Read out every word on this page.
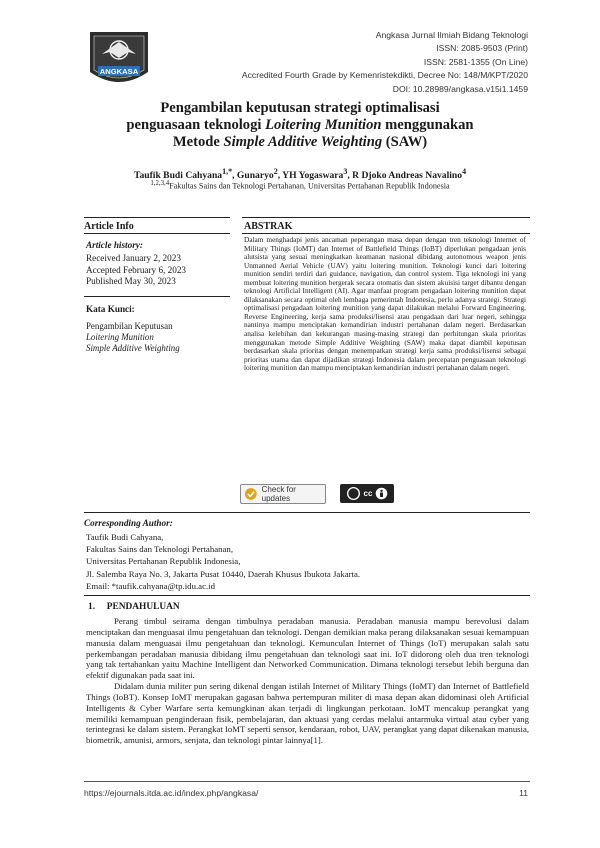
ANGKASA
Angkasa Jurnal Ilmiah Bidang Teknologi
ISSN: 2085-9503 (Print)
ISSN: 2581-1355 (On Line)
Accredited Fourth Grade by Kemenristekdikti, Decree No: 148/M/KPT/2020
DOI: 10.28989/angkasa.v15i1.1459
Pengambilan keputusan strategi optimalisasi
penguasaan teknologi Loitering Munition menggunakan
Metode Simple Additive Weighting (SAW)
Taufik Budi Cahyana$^{1,*}$, Gunaryo$^2$, YH Yogaswara$^3$, R Djoko Andreas Navalino$^4$
$^{1,2,3,4}$Fakultas Sains dan Teknologi Pertahanan, Universitas Pertahanan Republik Indonesia
Article Info
Article history:
Received January 2, 2023
Accepted February 6, 2023
Published May 30, 2023
Kata Kunci:
Pengambilan Keputusan
Loitering Munition
Simple Additive Weighting
ABSTRAK
Dalam menghadapi jenis ancaman peperangan masa depan dengan tren teknologi Internet of Military Things (IoMT) dan Internet of Battlefield Things (IoBT) diperlukan pengadaan jenis alutsista yang sesuai meningkatkan keamanan nasional dibidang autonomous weapon jenis Unmanned Aerial Vehicle (UAV) yaitu loitering munition. Teknologi kunci dari loitering munition sendiri terdiri dari guidance, navigation, dan control system. Tiga teknologi ini yang membuat loitering munition bergerak secara otomatis dan sistem akuisisi target dibantu dengan teknologi Artificial Intelligent (AI). Agar manfaat program pengadaan loitering munition dapat dilaksanakan secara optimal oleh lembaga pemerintah Indonesia, perlu adanya strategi. Strategi optimalisasi pengadaan loitering munition yang dapat dilakukan melalui Forward Engineering, Reverse Engineering, kerja sama produksi/lisensi atau pengadaan dari luar negeri, sehingga nantinya mampu menciptakan kemandirian industri pertahanan dalam negeri. Berdasarkan analisa kelebihan dan kekurangan masing-masing strategi dan perhitungan skala prioritas menggunakan metode Simple Additive Weighting (SAW) maka dapat diambil keputusan berdasarkan skala prioritas dengan menempatkan strategi kerja sama produksi/lisensi sebagai prioritas utama dan dapat dijadikan strategi Indonesia dalam percepatan penguasaan teknologi loitering munition dan mampu menciptakan kemandirian industri pertahanan dalam negeri.
Check for updates
cc
Corresponding Author:
Taufik Budi Cahyana,
Fakultas Sains dan Teknologi Pertahanan,
Universitas Pertahanan Republik Indonesia,
Jl. Salemba Raya No. 3, Jakarta Pusat 10440, Daerah Khusus Ibukota Jakarta.
Email: *taufik.cahyana@tp.idu.ac.id
1.     PENDAHULUAN

Perang timbul seirama dengan timbulnya peradaban manusia. Peradaban manusia mampu berevolusi dalam menciptakan dan menguasai ilmu pengetahuan dan teknologi. Dengan demikian maka perang dilaksanakan sesuai kemampuan manusia dalam menguasai ilmu pengetahuan dan teknologi. Kemunculan Internet of Things (IoT) merupakan salah satu perkembangan peradaban manusia dibidang ilmu pengetahuan dan teknologi saat ini. IoT didorong oleh dua tren teknologi yang tak tertahankan yaitu Machine Intelligent dan Networked Communication. Dimana teknologi tersebut lebih berguna dan efektif digunakan pada saat ini.

Didalam dunia militer pun sering dikenal dengan istilah Internet of Military Things (IoMT) dan Internet of Battlefield Things (IoBT). Konsep IoMT merupakan gagasan bahwa pertempuran militer di masa depan akan didominasi oleh Artificial Intelligents & Cyber Warfare serta kemungkinan akan terjadi di lingkungan perkotaan. IoMT mencakup perangkat yang memiliki kemampuan penginderaan fisik, pembelajaran, dan aktuasi yang cerdas melalui antarmuka virtual atau cyber yang terintegrasi ke dalam sistem. Perangkat IoMT seperti sensor, kendaraan, robot, UAV, perangkat yang dapat dikenakan manusia, biometrik, amunisi, armors, senjata, dan teknologi pintar lainnya[1].

https://ejournals.itda.ac.id/index.php/angkasa/	11
